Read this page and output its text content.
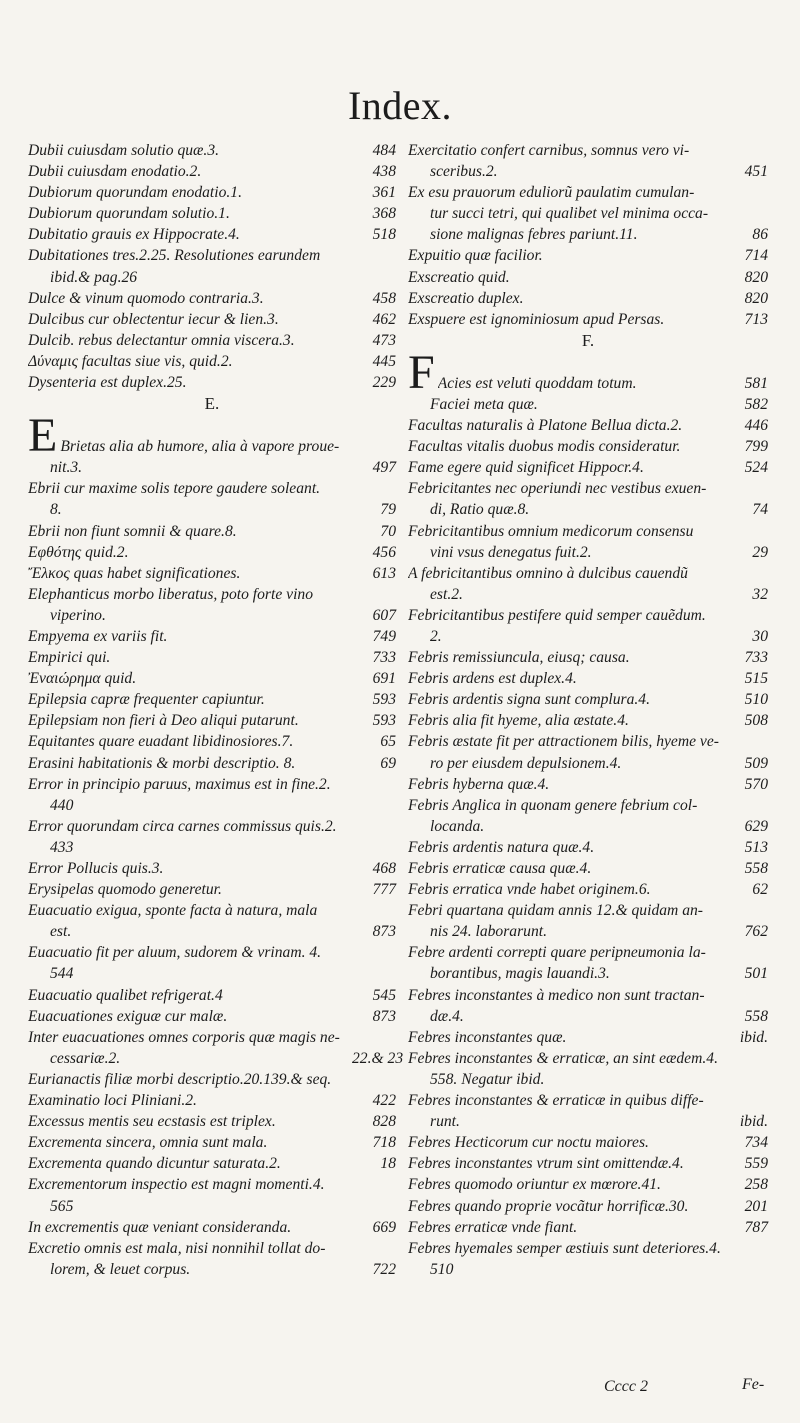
Index.
Dubii cuiusdam solutio quæ.3.	484
Dubii cuiusdam enodatio.2.	438
Dubiorum quorundam enodatio.1.	361
Dubiorum quorundam solutio.1.	368
Dubitatio grauis ex Hippocrate.4.	518
Dubitationes tres.2.25. Resolutiones earundem
ibid.& pag.26
Dulce & vinum quomodo contraria.3.	458
Dulcibus cur oblectentur iecur & lien.3.	462
Dulcib. rebus delectantur omnia viscera.3.	473
Δύναμις facultas siue vis, quid.2.	445
Dysenteria est duplex.25.	229
E.
E Brietas alia ab humore, alia à vapore proue-
nit.3.	497
Ebrii cur maxime solis tepore gaudere soleant.
8.	79
Ebrii non fiunt somnii & quare.8.	70
Εφθότης quid.2.	456
Ἔλκος quas habet significationes.	613
Elephanticus morbo liberatus, poto forte vino
viperino.	607
Empyema ex variis fit.	749
Empirici qui.	733
Ἐναιώρημα quid.	691
Epilepsia capræ frequenter capiuntur.	593
Epilepsiam non fieri à Deo aliqui putarunt.	593
Equitantes quare euadant libidinosiores.7.	65
Erasini habitationis & morbi descriptio. 8.	69
Error in principio paruus, maximus est in fine.2.
440
Error quorundam circa carnes commissus quis.2.
433
Error Pollucis quis.3.	468
Erysipelas quomodo generetur.	777
Euacuatio exigua, sponte facta à natura, mala
est.	873
Euacuatio fit per aluum, sudorem & vrinam. 4.
544
Euacuatio qualibet refrigerat.4	545
Euacuationes exiguæ cur malæ.	873
Inter euacuationes omnes corporis quæ magis ne-
cessariæ.2.	22.& 23
Eurianactis filiæ morbi descriptio.20.139.& seq.
Examinatio loci Pliniani.2.	422
Excessus mentis seu ecstasis est triplex.	828
Excrementa sincera, omnia sunt mala.	718
Excrementa quando dicuntur saturata.2.	18
Excrementorum inspectio est magni momenti.4.
565
In excrementis quæ veniant consideranda.	669
Excretio omnis est mala, nisi nonnihil tollat do-
lorem, & leuet corpus.	722
Exercitatio confert carnibus, somnus vero vi-
sceribus.2.	451
Ex esu prauorum eduliorũ paulatim cumulan-
tur succi tetri, qui qualibet vel minima occa-
sione malignas febres pariunt.11.	86
Expuitio quæ facilior.	714
Exscreatio quid.	820
Exscreatio duplex.	820
Exspuere est ignominiosum apud Persas.	713
F.
F Acies est veluti quoddam totum.	581
Faciei meta quæ.	582
Facultas naturalis à Platone Bellua dicta.2.	446
Facultas vitalis duobus modis consideratur.	799
Fame egere quid significet Hippocr.4.	524
Febricitantes nec operiundi nec vestibus exuen-
di, Ratio quæ.8.	74
Febricitantibus omnium medicorum consensu
vini vsus denegatus fuit.2.	29
A febricitantibus omnino à dulcibus cauendũ
est.2.	32
Febricitantibus pestifere quid semper cauẽdum.
2.	30
Febris remissiuncula, eiusq; causa.	733
Febris ardens est duplex.4.	515
Febris ardentis signa sunt complura.4.	510
Febris alia fit hyeme, alia æstate.4.	508
Febris æstate fit per attractionem bilis, hyeme ve-
ro per eiusdem depulsionem.4.	509
Febris hyberna quæ.4.	570
Febris Anglica in quonam genere febrium col-
locanda.	629
Febris ardentis natura quæ.4.	513
Febris erraticæ causa quæ.4.	558
Febris erratica vnde habet originem.6.	62
Febri quartana quidam annis 12.& quidam an-
nis 24. laborarunt.	762
Febre ardenti correpti quare peripneumonia la-
borantibus, magis lauandi.3.	501
Febres inconstantes à medico non sunt tractan-
dæ.4.	558
Febres inconstantes quæ.	ibid.
Febres inconstantes & erraticæ, an sint eædem.4.
558. Negatur ibid.
Febres inconstantes & erraticæ in quibus diffe-
runt.	ibid.
Febres Hecticorum cur noctu maiores.	734
Febres inconstantes vtrum sint omittendæ.4.	559
Febres quomodo oriuntur ex mœrore.41.	258
Febres quando proprie vocãtur horrificæ.30.	201
Febres erraticæ vnde fiant.	787
Febres hyemales semper æstiuis sunt deteriores.4.
510
Cccc 2	Fe-
